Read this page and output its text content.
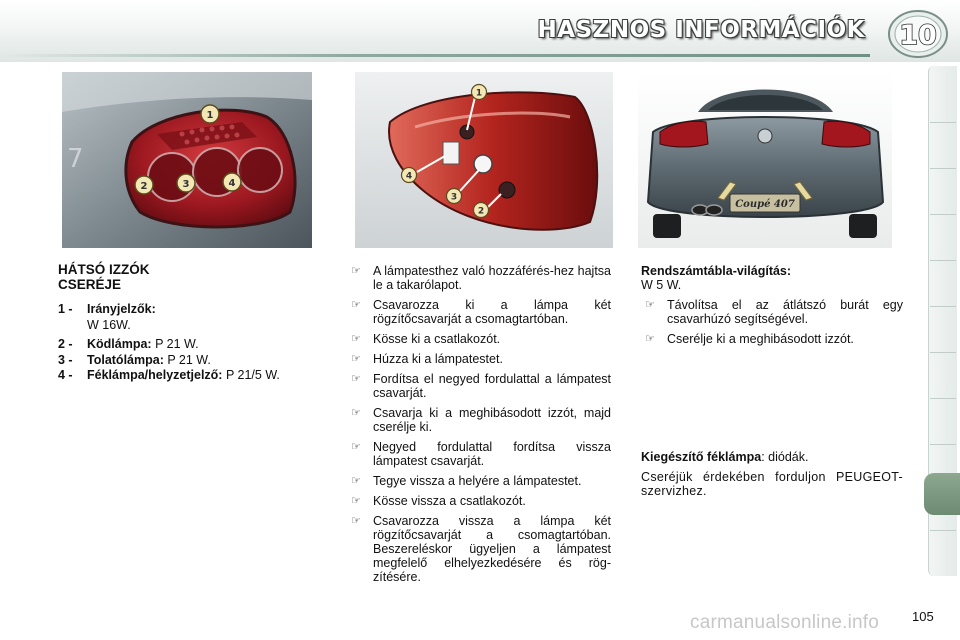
HASZNOS INFORMÁCIÓK 10
7
1
2	3	4
1
4
3
2
Coupé 407
HÁTSÓ IZZÓK
CSERÉJE
1 -	Irányjelzők:
W 16W.
2 -	Ködlámpa: P 21 W.
3 -	Tolatólámpa: P 21 W.
4 -	Féklámpa/helyzetjelző: P 21/5 W.
☞ A lámpatesthez való hozzáférés-hez hajtsa le a takarólapot.
☞ Csavarozza ki a lámpa két rögzítőcsavarját a csomagtartóban.
☞ Kösse ki a csatlakozót.
☞ Húzza ki a lámpatestet.
☞ Fordítsa el negyed fordulattal a lámpatest csavarját.
☞ Csavarja ki a meghibásodott izzót, majd cserélje ki.
☞ Negyed fordulattal fordítsa vissza lámpatest csavarját.
☞ Tegye vissza a helyére a lámpatestet.
☞ Kösse vissza a csatlakozót.
☞ Csavarozza vissza a lámpa két rögzítőcsavarját a csomagtartóban. Beszereléskor ügyeljen a lámpatest megfelelő elhelyezkedésére és rög-zítésére.

Rendszámtábla-világítás:

W 5 W.

☞ Távolítsa el az átlátszó burát egy csavarhúzó segítségével.
☞ Cserélje ki a meghibásodott izzót.

Kiegészítő féklámpa: diódák.

Cseréjük érdekében forduljon PEUGEOT-szervizhez.

carmanualsonline.info	105
